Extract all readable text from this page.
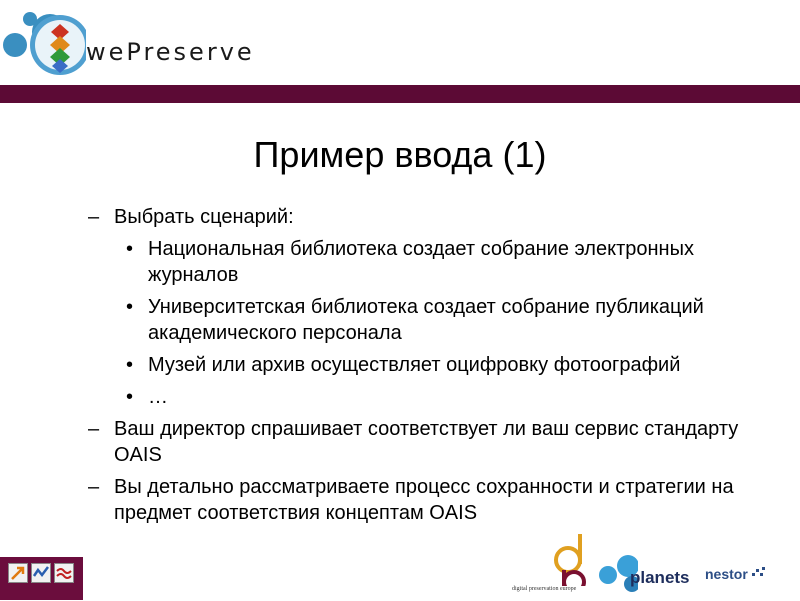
wePreserve
Пример ввода (1)
– Выбрать сценарий:
• Национальная библиотека создает собрание электронных журналов
• Университетская библиотека создает собрание публикаций академического персонала
• Музей или архив осуществляет оцифровку фотоографий
• …
– Ваш директор спрашивает соответствует ли ваш сервис стандарту OAIS
– Вы детально рассматриваете процесс сохранности и стратегии на предмет соответствия концептам OAIS
digital preservation europe
planets nestor
